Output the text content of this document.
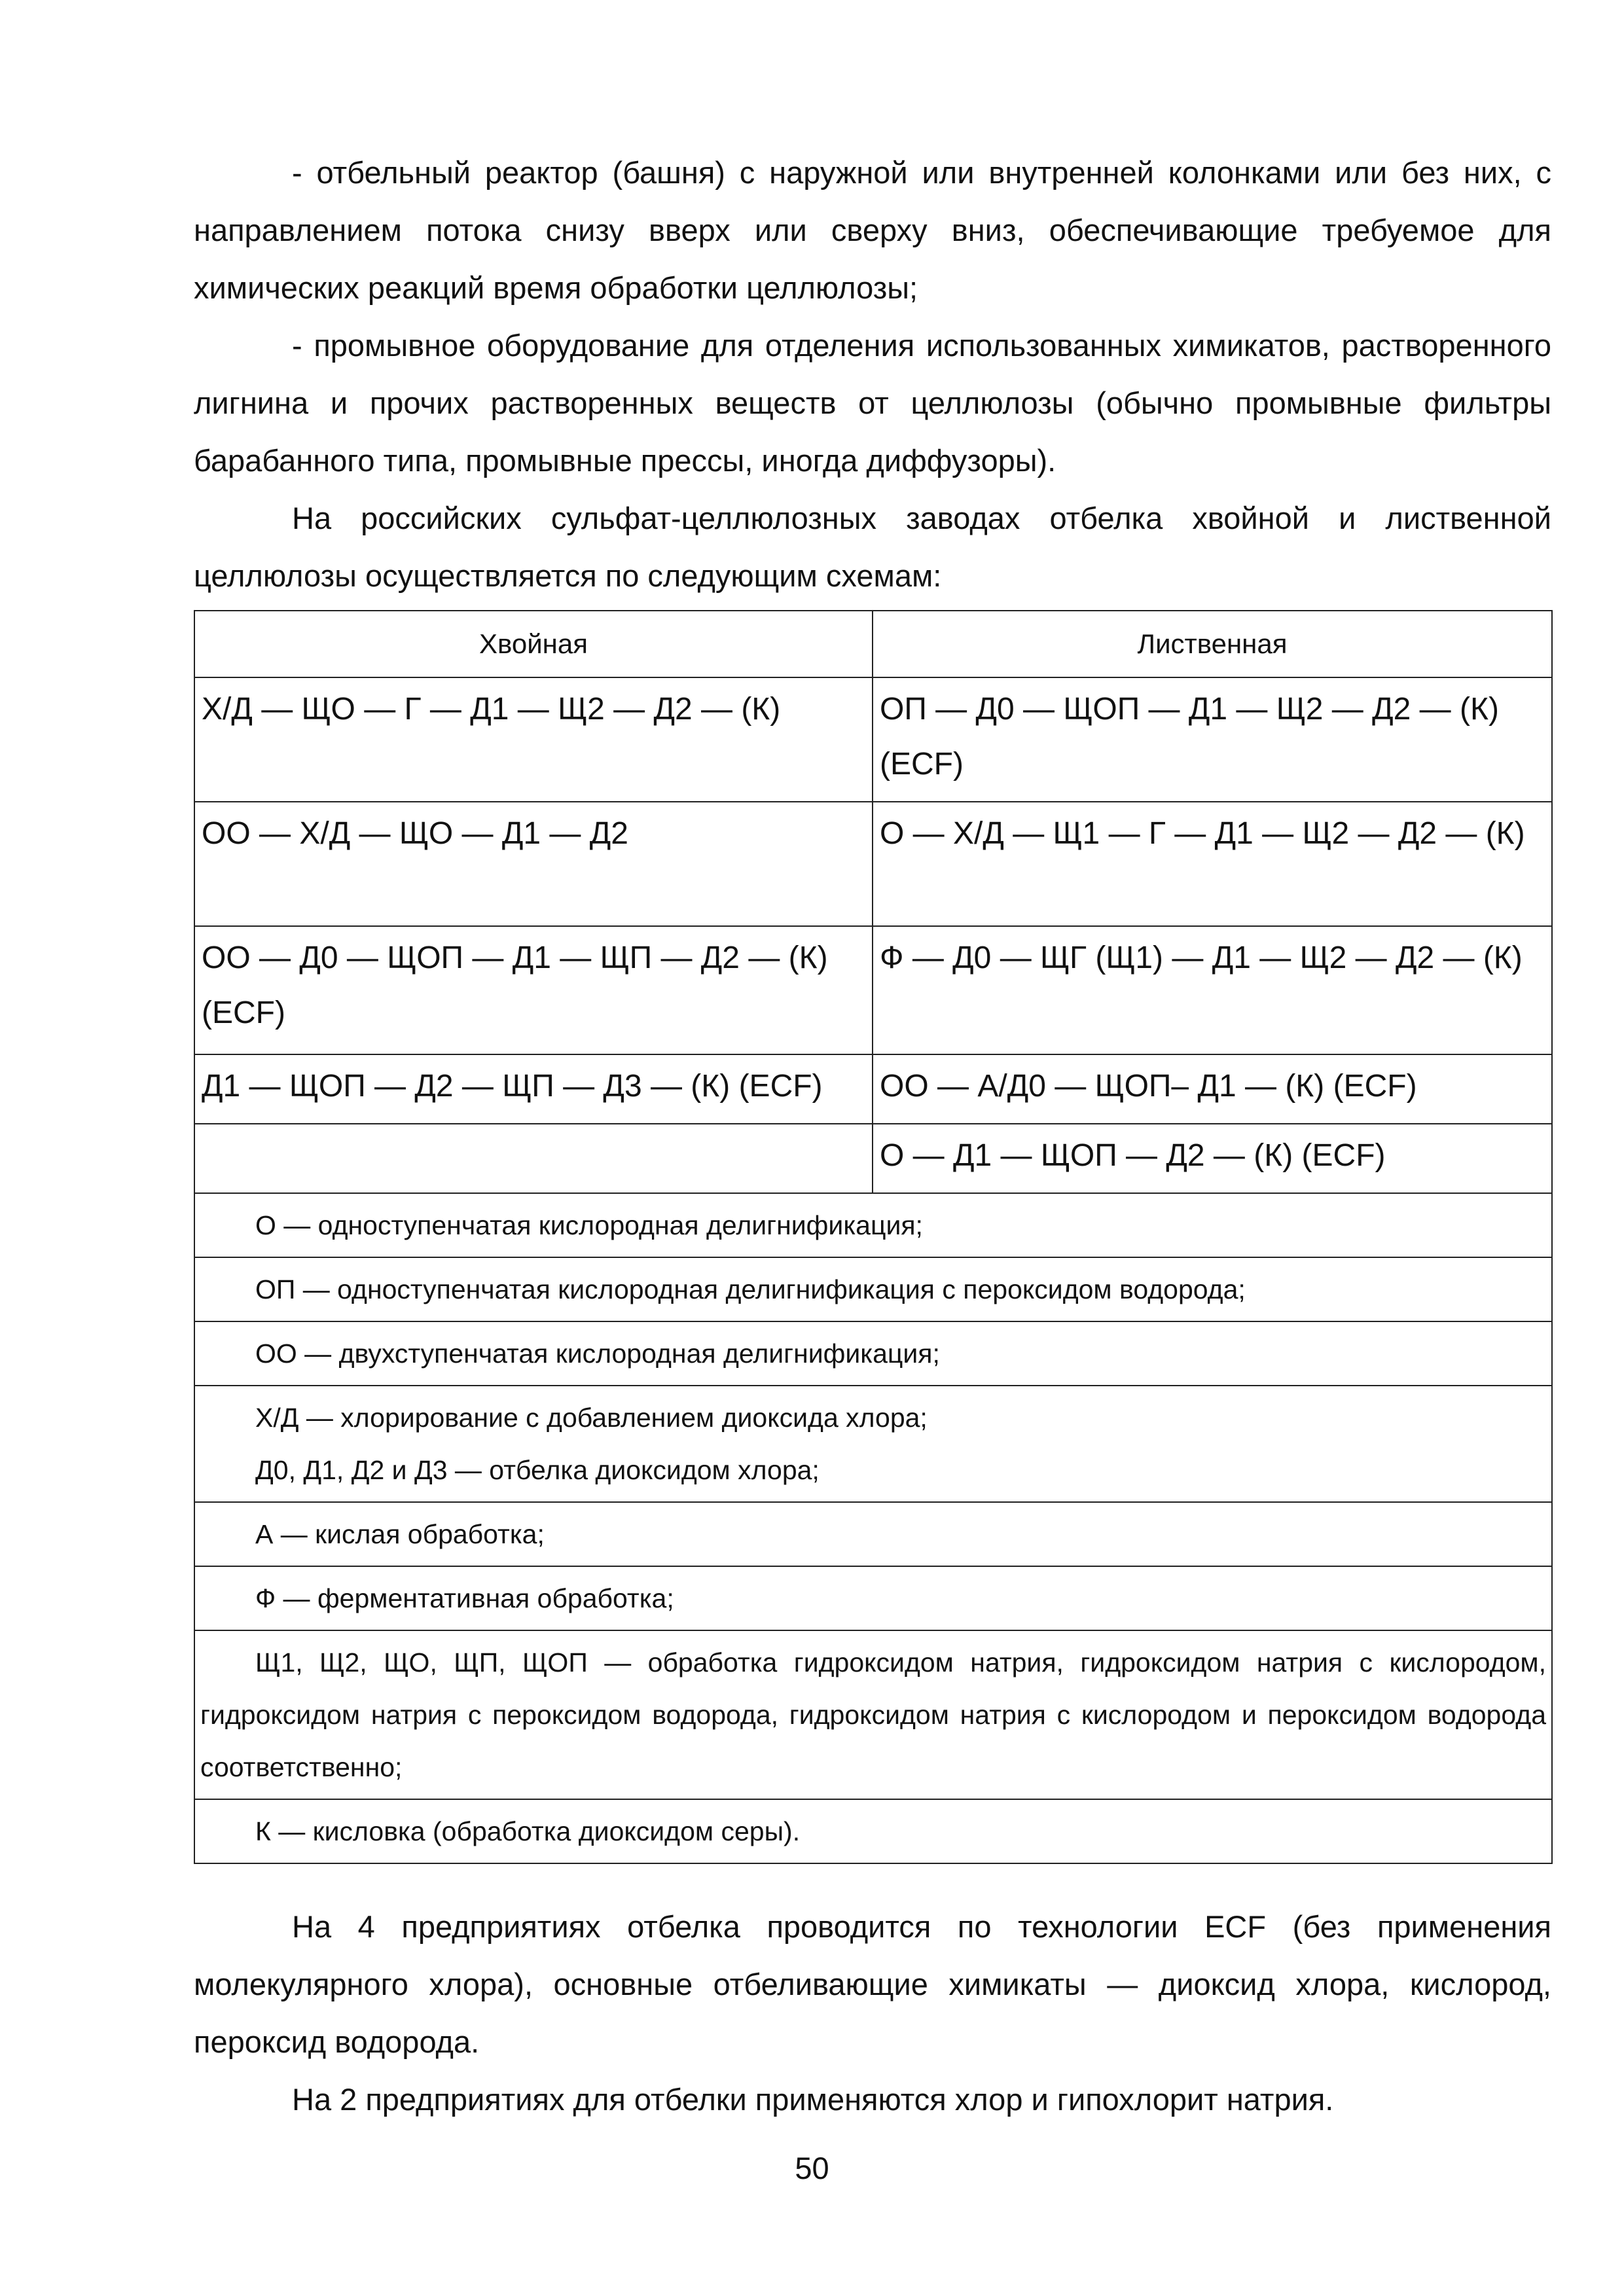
- отбельный реактор (башня) с наружной или внутренней колонками или без них, с направлением потока снизу вверх или сверху вниз, обеспечивающие требуемое для химических реакций время обработки целлюлозы;

- промывное оборудование для отделения использованных химикатов, растворенного лигнина и прочих растворенных веществ от целлюлозы (обычно промывные фильтры барабанного типа, промывные прессы, иногда диффузоры).

На российских сульфат-целлюлозных заводах отбелка хвойной и лиственной целлюлозы осуществляется по следующим схемам:

Хвойная	Лиственная
Х/Д — ЩО — Г — Д1 — Щ2 — Д2 — (К)	ОП — Д0 — ЩОП — Д1 — Щ2 — Д2 — (К) (ECF)
ОО — Х/Д — ЩО — Д1 — Д2	О — Х/Д — Щ1 — Г — Д1 — Щ2 — Д2 — (К)
ОО — Д0 — ЩОП — Д1 — ЩП — Д2 — (К) (ECF)	Ф — Д0 — ЩГ (Щ1) — Д1 — Щ2 — Д2 — (К)
Д1 — ЩОП — Д2 — ЩП — Д3 — (К) (ECF)	ОО — А/Д0 — ЩОП– Д1 — (К) (ECF)
	О — Д1 — ЩОП — Д2 — (К) (ECF)

О — одноступенчатая кислородная делигнификация;	

ОП — одноступенчатая кислородная делигнификация с пероксидом водорода;	

ОО — двухступенчатая кислородная делигнификация;	

Х/Д — хлорирование с добавлением диоксида хлора;
Д0, Д1, Д2 и Д3 — отбелка диоксидом хлора;	

А — кислая обработка;	

Ф — ферментативная обработка;	

Щ1, Щ2, ЩО, ЩП, ЩОП — обработка гидроксидом натрия, гидроксидом натрия с кислородом, гидроксидом натрия с пероксидом водорода, гидроксидом натрия с кислородом и пероксидом водорода соответственно;	

К — кисловка (обработка диоксидом серы).	

На 4 предприятиях отбелка проводится по технологии ECF (без применения молекулярного хлора), основные отбеливающие химикаты — диоксид хлора, кислород, пероксид водорода.

На 2 предприятиях для отбелки применяются хлор и гипохлорит натрия.

50
